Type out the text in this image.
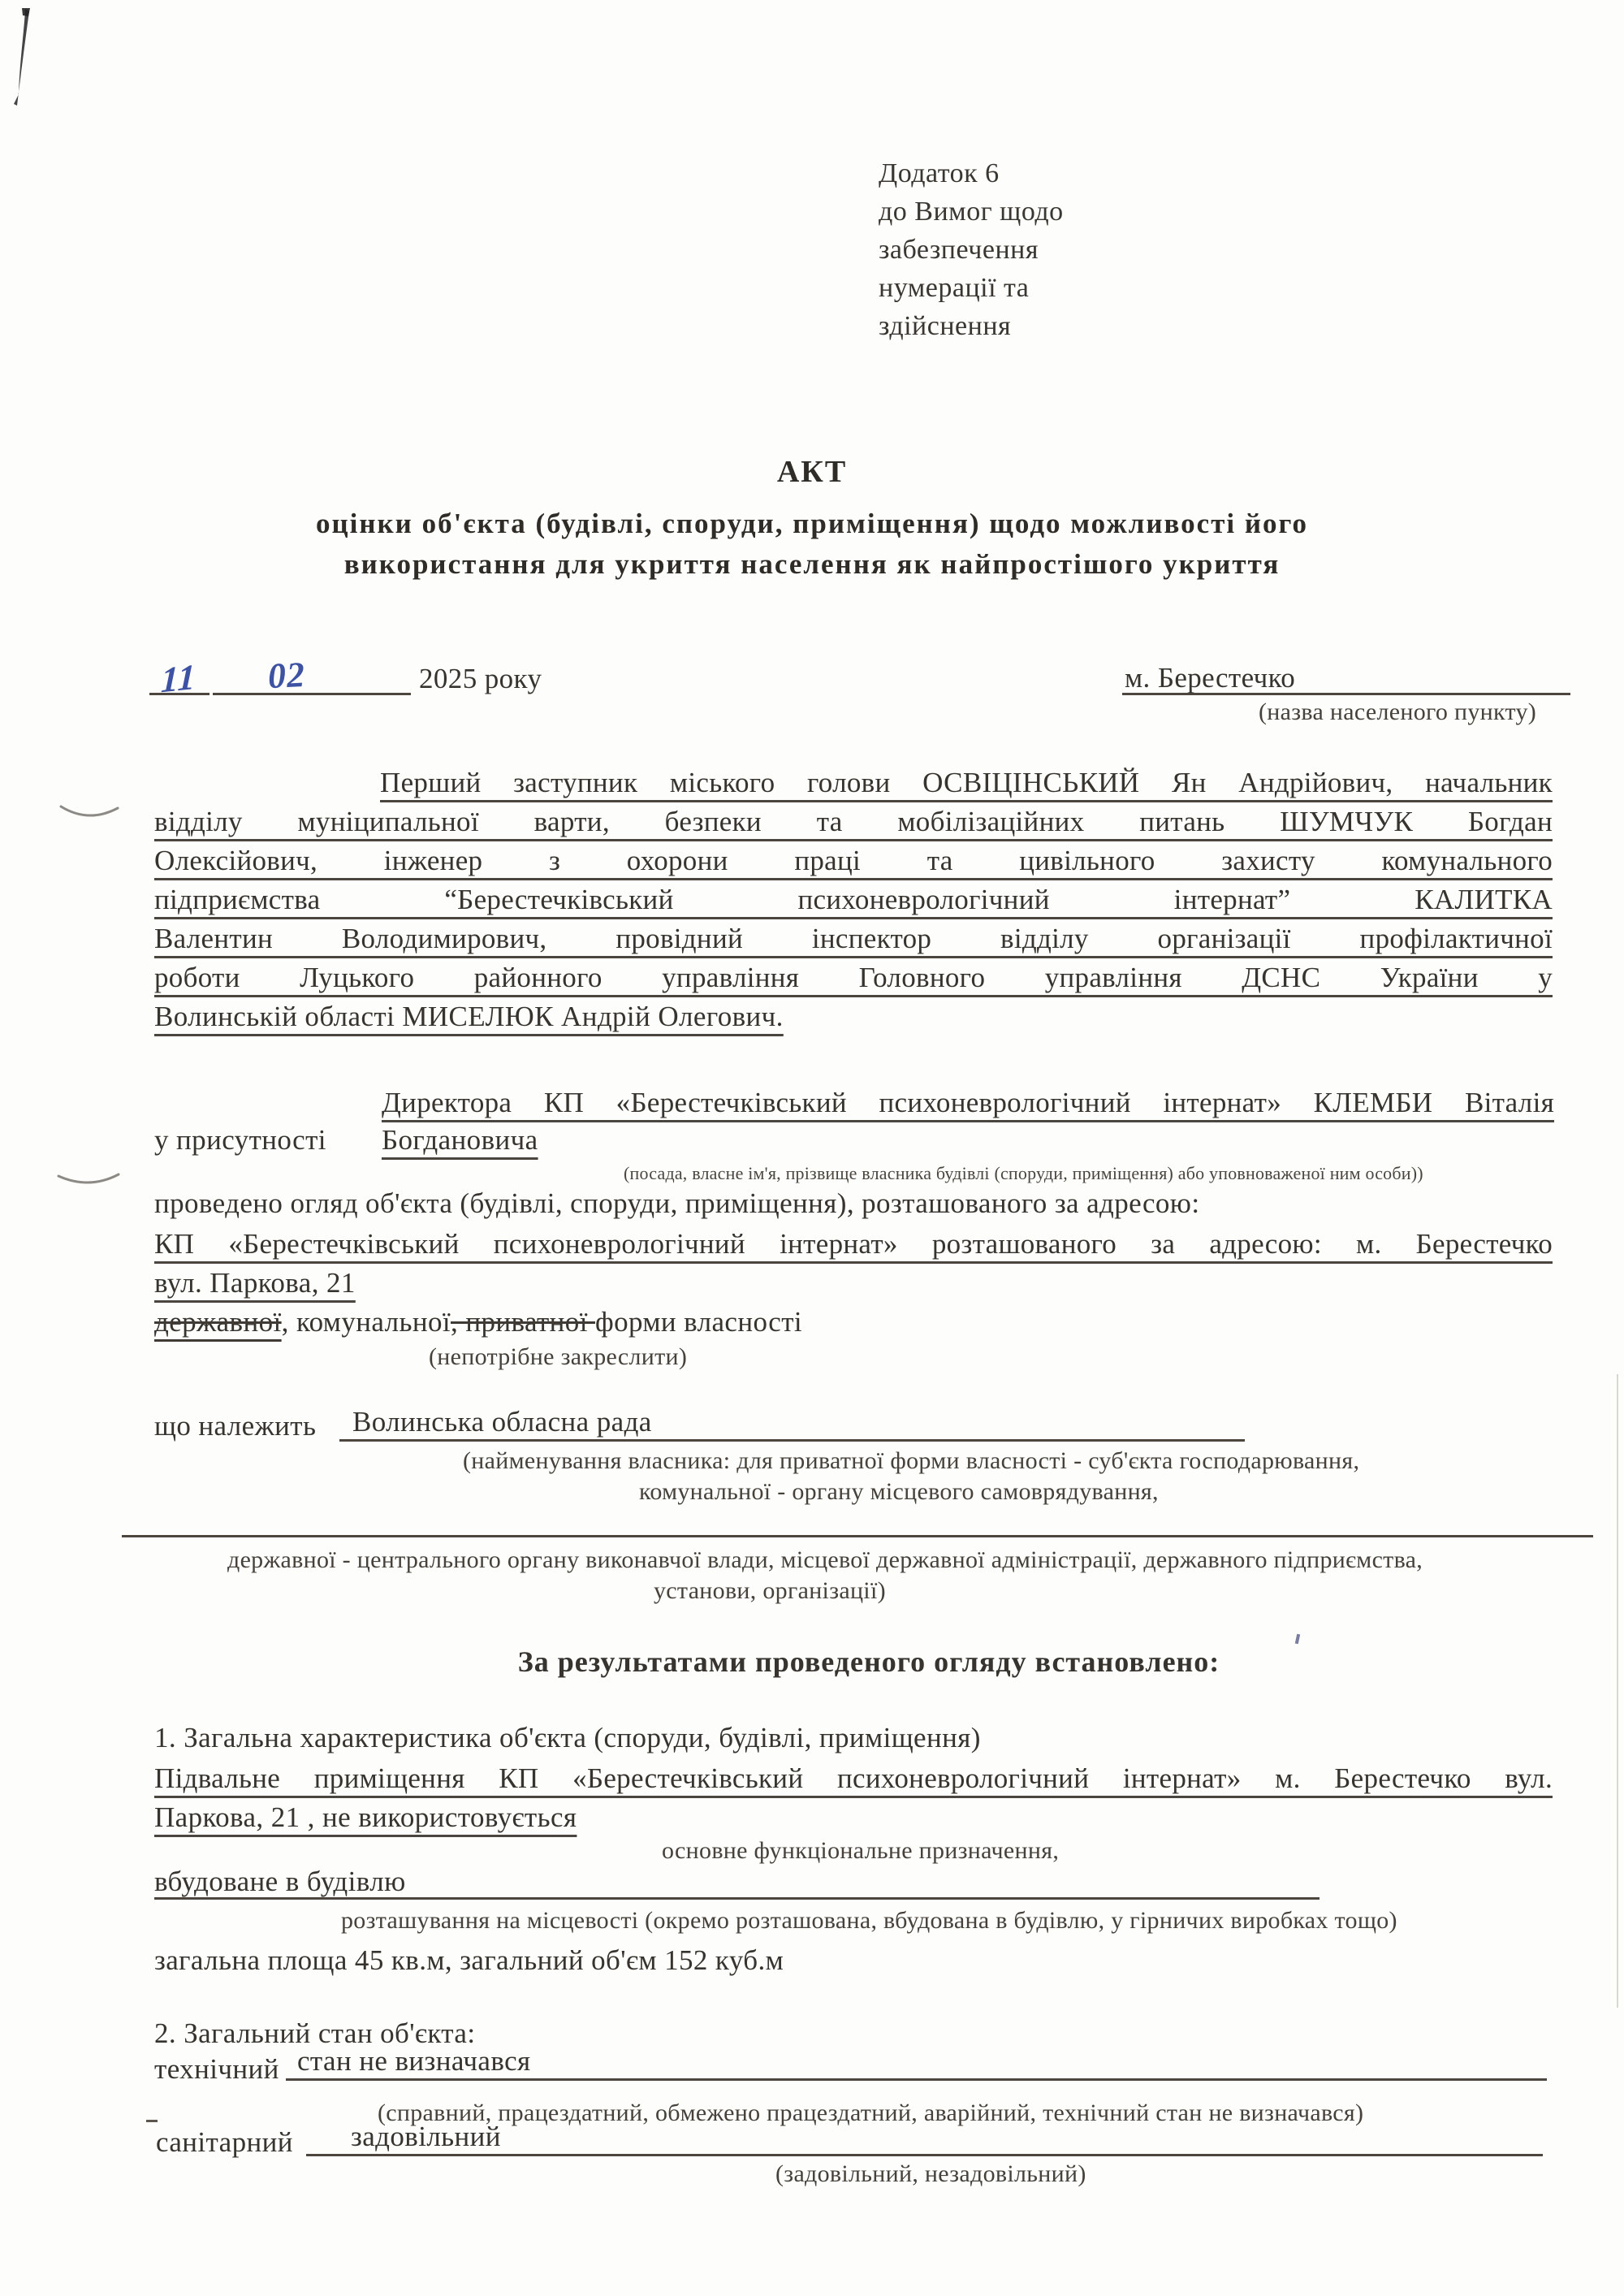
Додаток 6
до Вимог щодо
забезпечення
нумерації та
здійснення
АКТ
оцінки об'єкта (будівлі, споруди, приміщення) щодо можливості його
використання для укриття населення як найпростішого укриття
11 02	2025 року	м. Берестечко
(назва населеного пункту)
Перший заступник міського голови ОСВІЦІНСЬКИЙ Ян Андрійович, начальник
відділу муніципальної варти, безпеки та мобілізаційних питань ШУМЧУК Богдан
Олексійович, інженер з охорони праці та цивільного захисту комунального
підприємства “Берестечківський психоневрологічний інтернат” КАЛИТКА
Валентин Володимирович, провідний інспектор відділу організації профілактичної
роботи Луцького районного управління Головного управління ДСНС України у
Волинській області МИСЕЛЮК Андрій Олегович.
Директора КП «Берестечківський психоневрологічний інтернат» КЛЕМБИ Віталія
у присутності Богдановича
(посада, власне ім'я, прізвище власника будівлі (споруди, приміщення) або уповноваженої ним особи))
проведено огляд об'єкта (будівлі, споруди, приміщення), розташованого за адресою:
КП «Берестечківський психоневрологічний інтернат» розташованого за адресою: м. Берестечко
вул. Паркова, 21
державної, комунальної, приватної форми власності
(непотрібне закреслити)
що належить	Волинська обласна рада
(найменування власника: для приватної форми власності - суб'єкта господарювання,
комунальної - органу місцевого самоврядування,
державної - центрального органу виконавчої влади, місцевої державної адміністрації, державного підприємства,
установи, організації)
За результатами проведеного огляду встановлено:
1. Загальна характеристика об'єкта (споруди, будівлі, приміщення)
Підвальне приміщення КП «Берестечківський психоневрологічний інтернат» м. Берестечко вул.
Паркова, 21 , не використовується
основне функціональне призначення,
вбудоване в будівлю
розташування на місцевості (окремо розташована, вбудована в будівлю, у гірничих виробках тощо)
загальна площа 45 кв.м, загальний об'єм 152 куб.м
2. Загальний стан об'єкта:
технічний стан не визначався
(справний, працездатний, обмежено працездатний, аварійний, технічний стан не визначався)
санітарний	задовільний
(задовільний, незадовільний)
